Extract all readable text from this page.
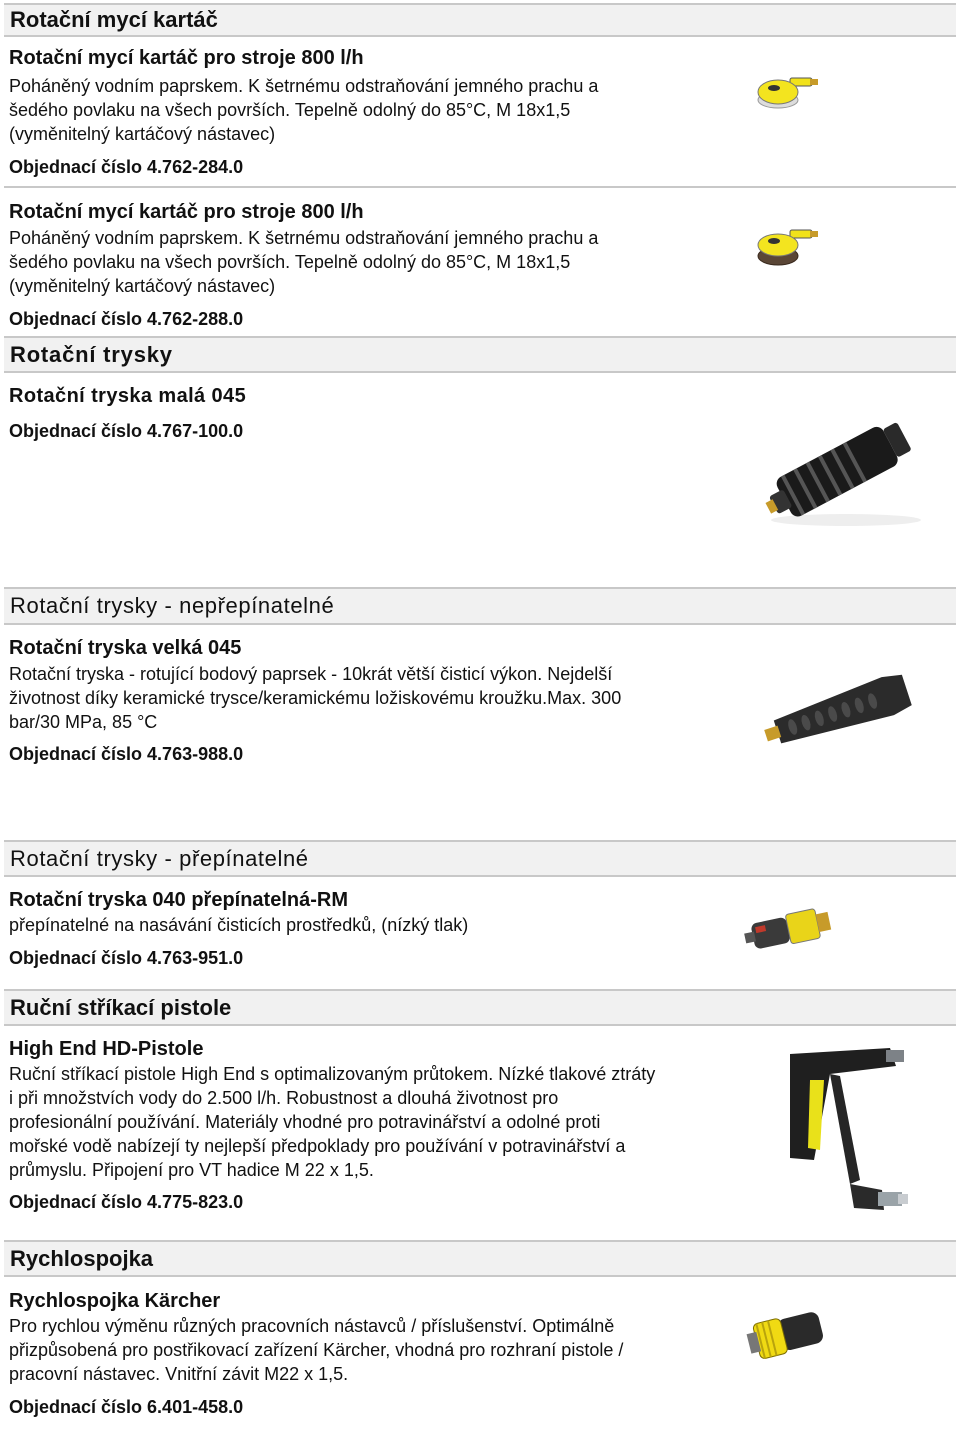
Rotační mycí kartáč
Rotační mycí kartáč pro stroje 800 l/h
Poháněný vodním paprskem. K šetrnému odstraňování jemného prachu a
šedého povlaku na všech površích. Tepelně odolný do 85°C, M 18x1,5
(vyměnitelný kartáčový nástavec)
Objednací číslo 4.762-284.0
Rotační mycí kartáč pro stroje 800 l/h
Poháněný vodním paprskem. K šetrnému odstraňování jemného prachu a
šedého povlaku na všech površích. Tepelně odolný do 85°C, M 18x1,5
(vyměnitelný kartáčový nástavec)
Objednací číslo 4.762-288.0
Rotační trysky
Rotační tryska malá 045
Objednací číslo 4.767-100.0
Rotační trysky - nepřepínatelné
Rotační tryska velká 045
Rotační tryska - rotující bodový paprsek - 10krát větší čisticí výkon. Nejdelší
životnost díky keramické trysce/keramickému ložiskovému kroužku.Max. 300
bar/30 MPa, 85 °C
Objednací číslo 4.763-988.0
Rotační trysky - přepínatelné
Rotační tryska 040 přepínatelná-RM
přepínatelné na nasávání čisticích prostředků, (nízký tlak)
Objednací číslo 4.763-951.0
Ruční stříkací pistole
High End HD-Pistole
Ruční stříkací pistole High End s optimalizovaným průtokem. Nízké tlakové ztráty
i při množstvích vody do 2.500 l/h. Robustnost a dlouhá životnost pro
profesionální používání. Materiály vhodné pro potravinářství a odolné proti
mořské vodě nabízejí ty nejlepší předpoklady pro používání v potravinářství a
průmyslu. Připojení pro VT hadice M 22 x 1,5.
Objednací číslo 4.775-823.0
Rychlospojka
Rychlospojka Kärcher
Pro rychlou výměnu různých pracovních nástavců / příslušenství. Optimálně
přizpůsobená pro postřikovací zařízení Kärcher, vhodná pro rozhraní pistole /
pracovní nástavec. Vnitřní závit M22 x 1,5.
Objednací číslo 6.401-458.0
